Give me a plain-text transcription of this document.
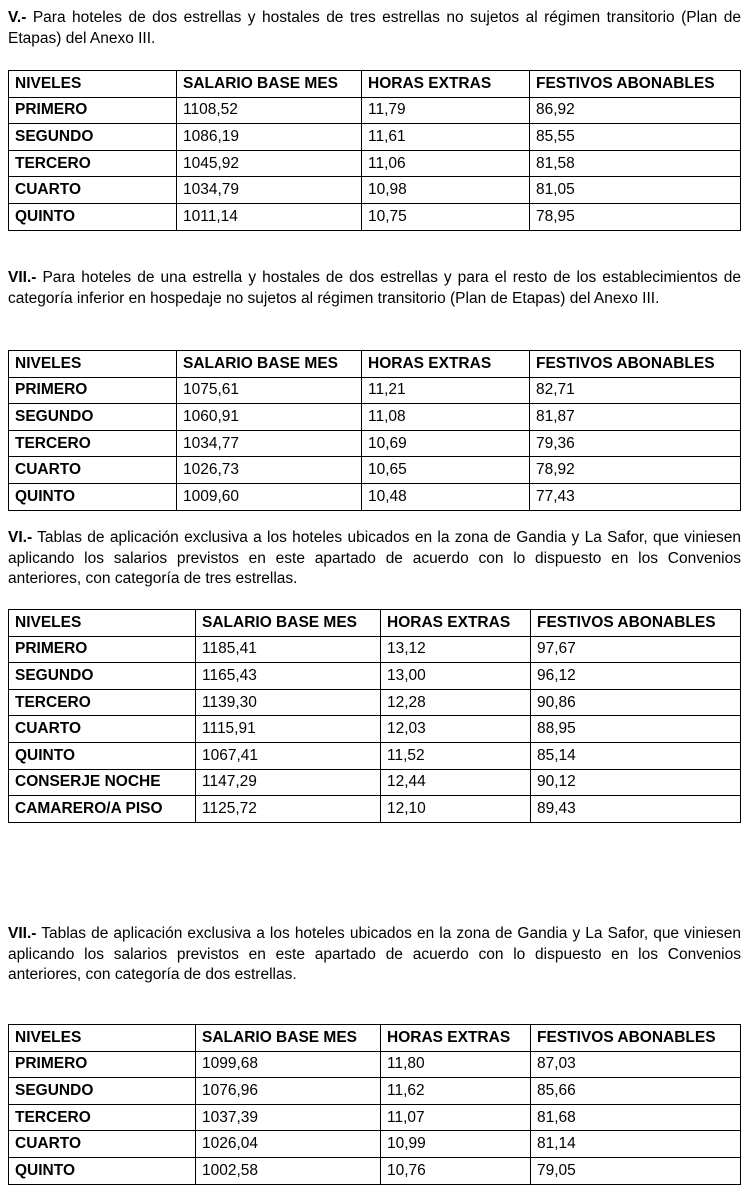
V.- Para hoteles de dos estrellas y hostales de tres estrellas no sujetos al régimen transitorio (Plan de Etapas) del Anexo III.
NIVELES	SALARIO BASE MES	HORAS EXTRAS	FESTIVOS ABONABLES
PRIMERO	1108,52	11,79	86,92
SEGUNDO	1086,19	11,61	85,55
TERCERO	1045,92	11,06	81,58
CUARTO	1034,79	10,98	81,05
QUINTO	1011,14	10,75	78,95
VII.- Para hoteles de una estrella y hostales de dos estrellas y para el resto de los establecimientos de categoría inferior en hospedaje no sujetos al régimen transitorio (Plan de Etapas) del Anexo III.
NIVELES	SALARIO BASE MES	HORAS EXTRAS	FESTIVOS ABONABLES
PRIMERO	1075,61	11,21	82,71
SEGUNDO	1060,91	11,08	81,87
TERCERO	1034,77	10,69	79,36
CUARTO	1026,73	10,65	78,92
QUINTO	1009,60	10,48	77,43
VI.- Tablas de aplicación exclusiva a los hoteles ubicados en la zona de Gandia y La Safor, que viniesen aplicando los salarios previstos en este apartado de acuerdo con lo dispuesto en los Convenios anteriores, con categoría de tres estrellas.
NIVELES	SALARIO BASE MES	HORAS EXTRAS	FESTIVOS ABONABLES
PRIMERO	1185,41	13,12	97,67
SEGUNDO	1165,43	13,00	96,12
TERCERO	1139,30	12,28	90,86
CUARTO	1115,91	12,03	88,95
QUINTO	1067,41	11,52	85,14
CONSERJE NOCHE	1147,29	12,44	90,12
CAMARERO/A PISO	1125,72	12,10	89,43
VII.- Tablas de aplicación exclusiva a los hoteles ubicados en la zona de Gandia y La Safor, que viniesen aplicando los salarios previstos en este apartado de acuerdo con lo dispuesto en los Convenios anteriores, con categoría de dos estrellas.
NIVELES	SALARIO BASE MES	HORAS EXTRAS	FESTIVOS ABONABLES
PRIMERO	1099,68	11,80	87,03
SEGUNDO	1076,96	11,62	85,66
TERCERO	1037,39	11,07	81,68
CUARTO	1026,04	10,99	81,14
QUINTO	1002,58	10,76	79,05
